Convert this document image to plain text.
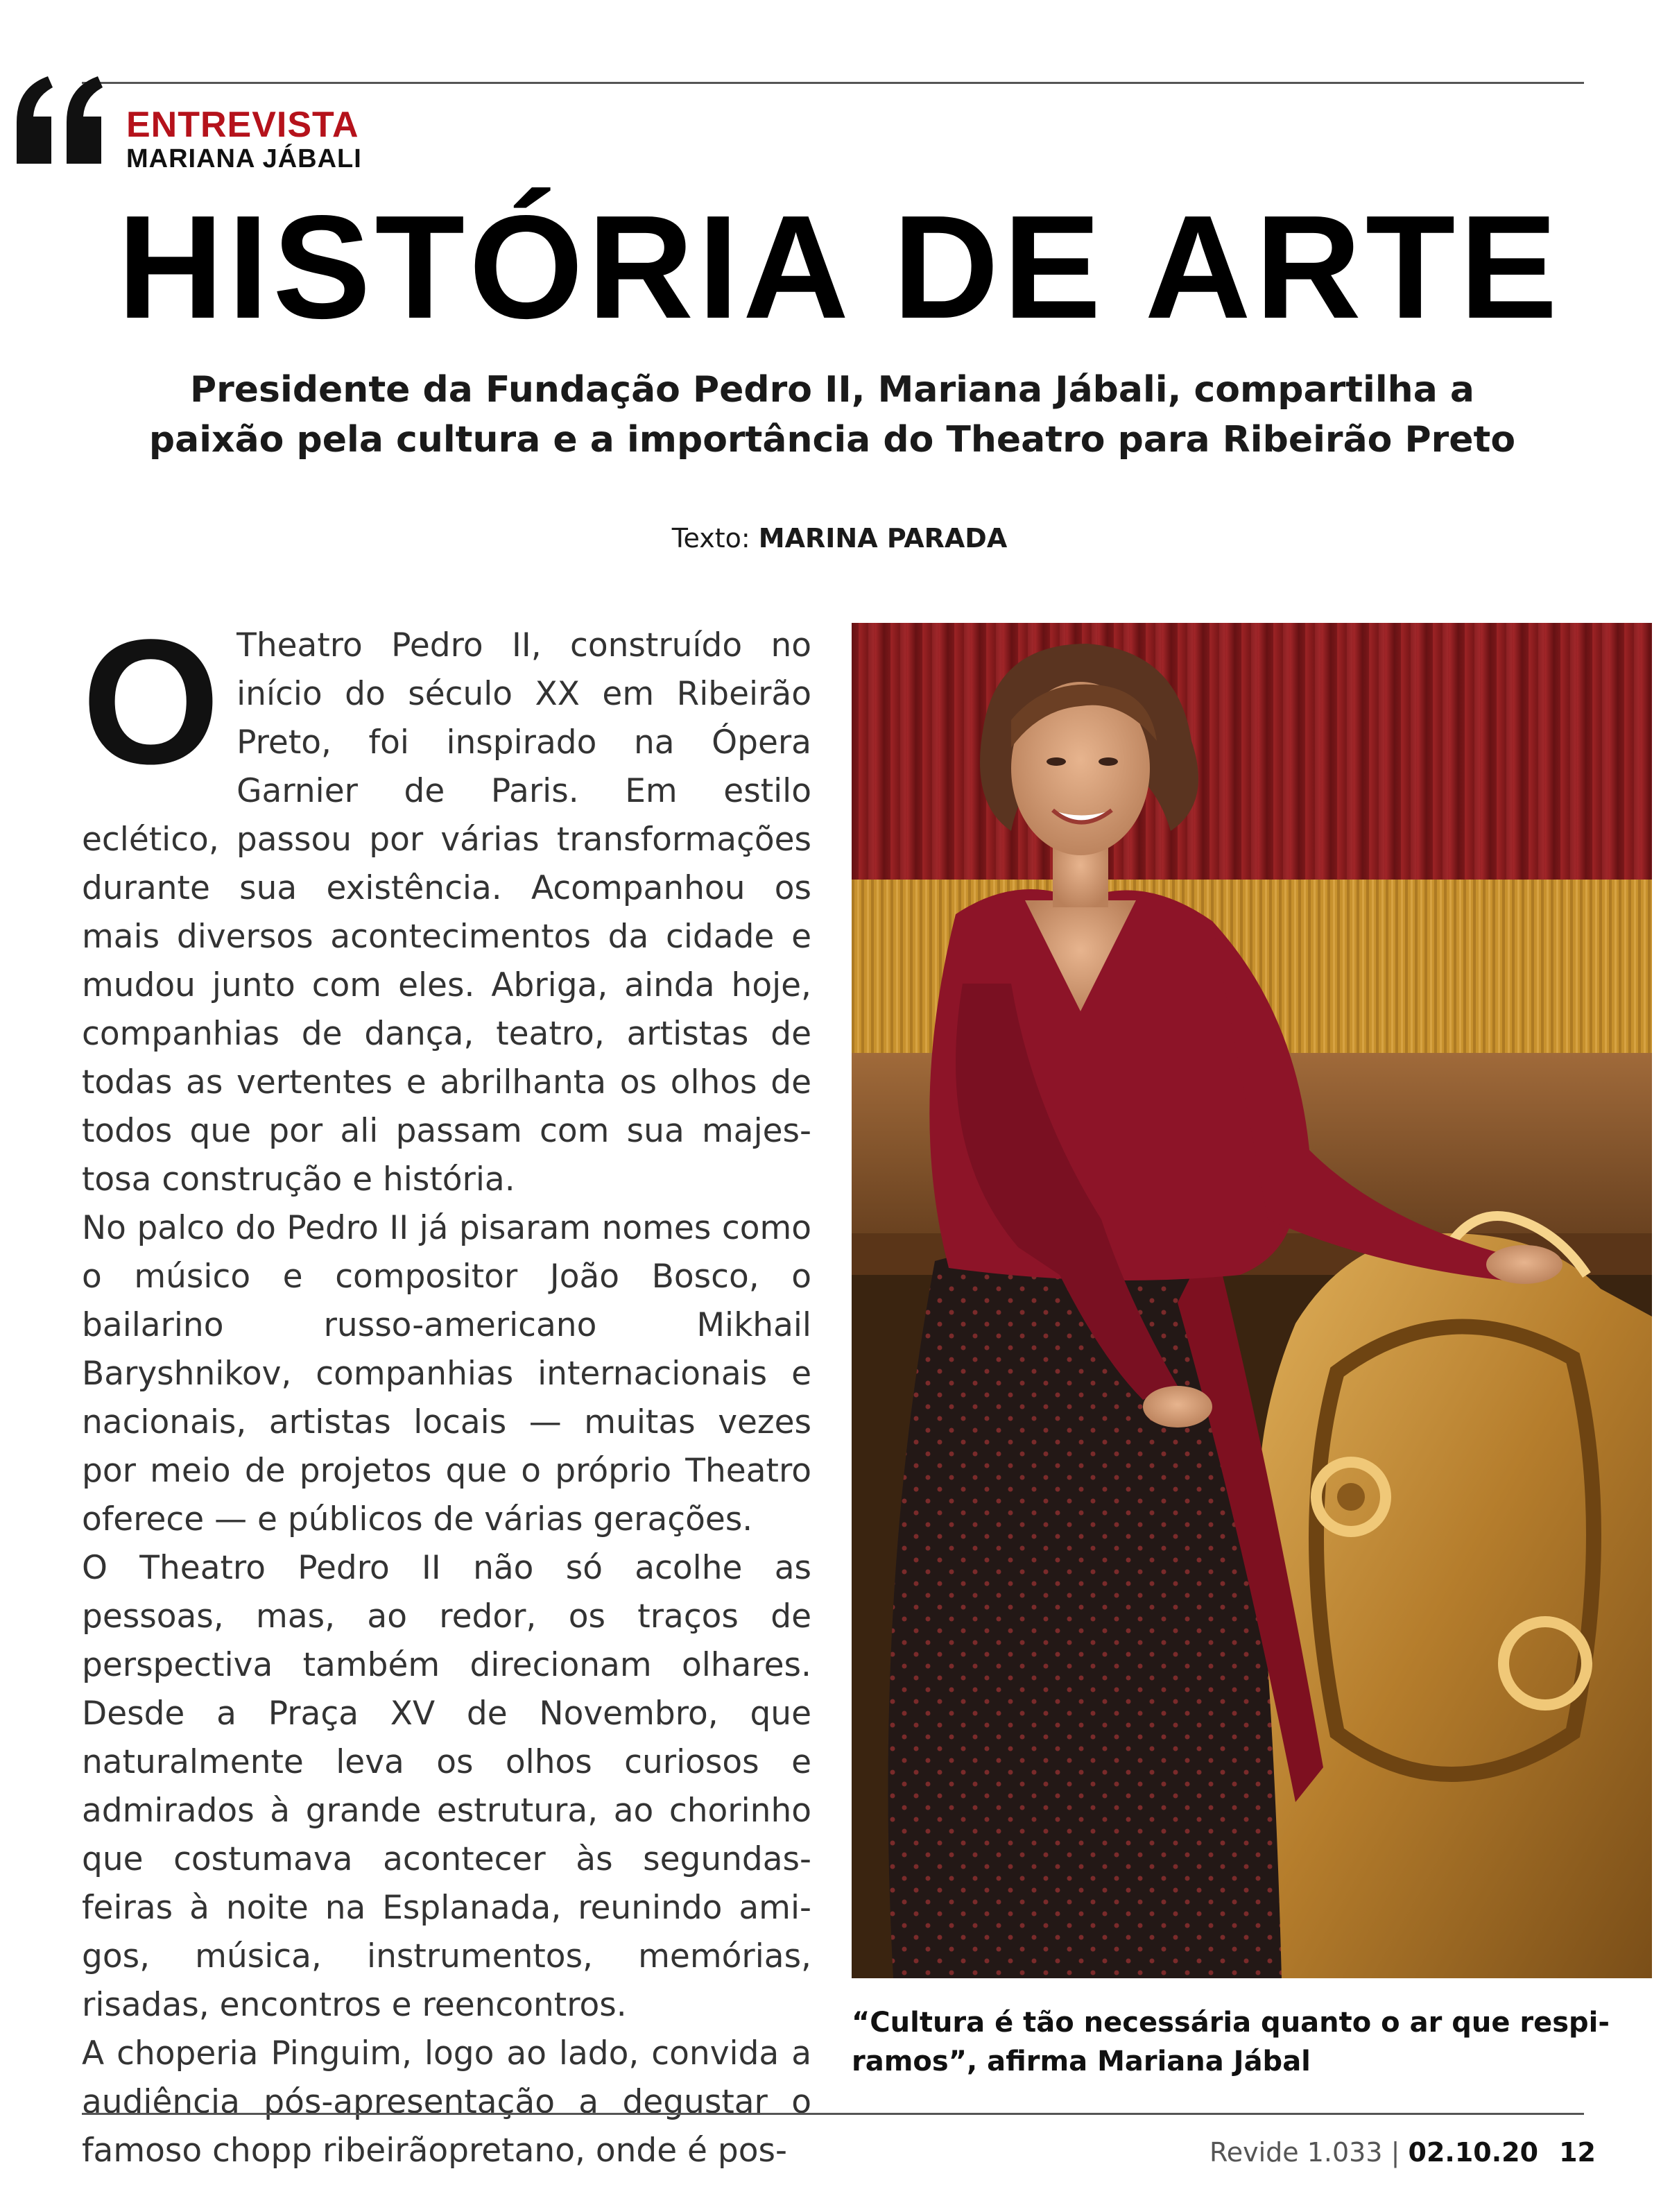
ENTREVISTA
MARIANA JÁBALI
HISTÓRIA DE ARTE
Presidente da Fundação Pedro II, Mariana Jábali, compartilha a
paixão pela cultura e a importância do Theatro para Ribeirão Preto
Texto: MARINA PARADA

O Theatro Pedro II, construído no início do século XX em Ribeirão Preto, foi inspirado na Ópera Garnier de Paris. Em estilo eclético, passou por várias transformações durante sua existência. Acompanhou os mais diversos acontecimentos da cidade e mudou junto com eles. Abriga, ainda hoje, companhias de dança, teatro, artistas de todas as vertentes e abrilhanta os olhos de todos que por ali passam com sua majestosa construção e história.

No palco do Pedro II já pisaram nomes como o músico e compositor João Bosco, o bailarino russo-americano Mikhail Baryshnikov, companhias internacionais e nacionais, artistas locais — muitas vezes por meio de projetos que o próprio Theatro oferece — e públicos de várias gerações.

O Theatro Pedro II não só acolhe as pessoas, mas, ao redor, os traços de perspectiva também direcionam olhares. Desde a Praça XV de Novembro, que naturalmente leva os olhos curiosos e admirados à grande estrutura, ao chorinho que costumava acontecer às segundas-feiras à noite na Esplanada, reunindo amigos, música, instrumentos, memórias, risadas, encontros e reencontros.

A choperia Pinguim, logo ao lado, convida a audiência pós-apresentação a degustar o famoso chopp ribeirãopretano, onde é pos-

“Cultura é tão necessária quanto o ar que respi-
ramos”, afirma Mariana Jábal
Revide 1.033 | 02.10.20 12
